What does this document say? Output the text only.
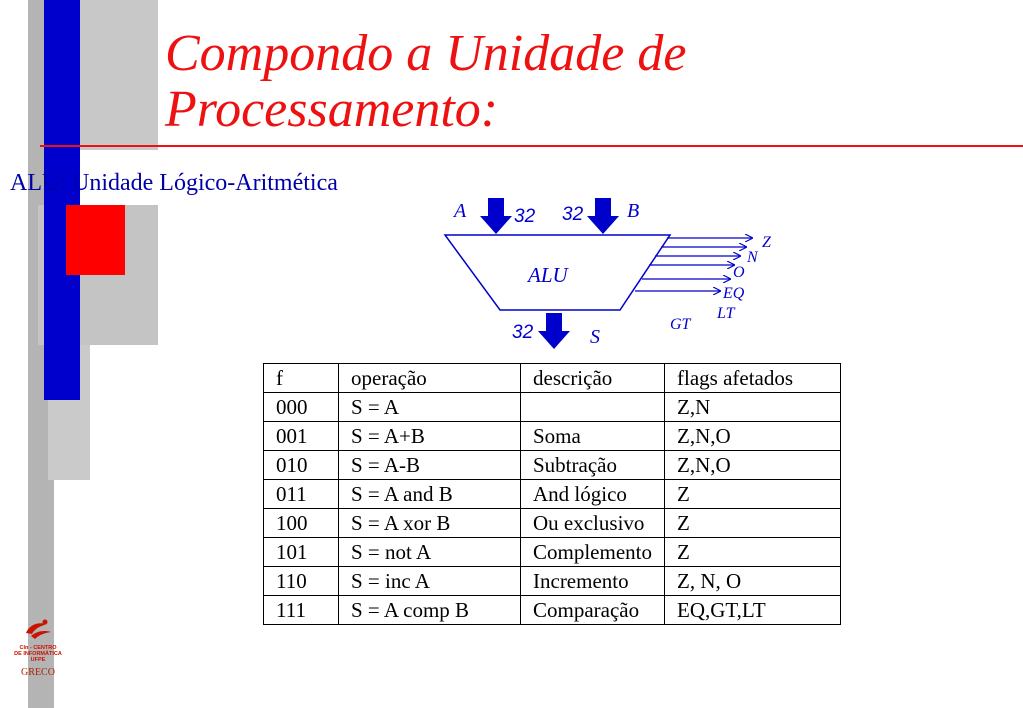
Compondo a Unidade de
Processamento:
ALU: Unidade Lógico-Aritmética
A	32 32 B
ALU
32	S
Z
N
O
EQ
LT
GT
f	operação	descrição	flags afetados
000	S = A		Z,N
001	S = A+B	Soma	Z,N,O
010	S = A-B	Subtração	Z,N,O
011	S = A and B	And lógico	Z
100	S = A xor B	Ou exclusivo	Z
101	S = not A	Complemento	Z
110	S = inc A	Incremento	Z, N, O
111	S = A comp B	Comparação	EQ,GT,LT
CIn - CENTRO
DE INFORMÁTICA
UFPE
GRECO
